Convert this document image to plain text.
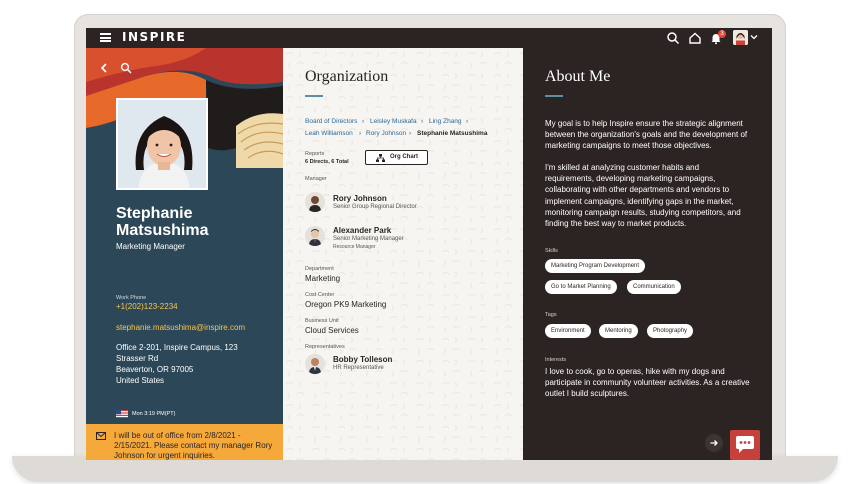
INSPIRE	3
Stephanie Matsushima
Marketing Manager
Work Phone
+1(202)123-2234
stephanie.matsushima@inspire.com
Office 2-201, Inspire Campus, 123
Strasser Rd
Beaverton, OR 97005
United States
Mon 3:19 PM(PT)
I will be out of office from 2/8/2021 - 2/15/2021. Please contact my manager Rory Johnson for urgent inquiries.
Organization
Board of Directors › Leisley Muskafa › Ling Zhang ›
Leah Williamson › Rory Johnson › Stephanie Matsushima
Reports
6 Directs, 6 Total
Org Chart
Manager
Rory Johnson
Senior Group Regional Director
Alexander Park
Senior Marketing Manager
Resource Manager
Department
Marketing
Cost Center
Oregon PK9 Marketing
Business Unit
Cloud Services
Representatives
Bobby Tolleson
HR Representative
About Me
My goal is to help Inspire ensure the strategic alignment between the organization's goals and the development of marketing campaigns to meet those objectives.
I'm skilled at analyzing customer habits and requirements, developing marketing campaigns, collaborating with other departments and vendors to implement campaigns, identifying gaps in the market, monitoring campaign results, studying competitors, and finding the best way to market products.
Skills
Marketing Program Development
Go to Market Planning	Communication
Tags
Environment	Mentoring	Photography
Interests
I love to cook, go to operas, hike with my dogs and participate in community volunteer activities. As a creative outlet I build sculptures.
